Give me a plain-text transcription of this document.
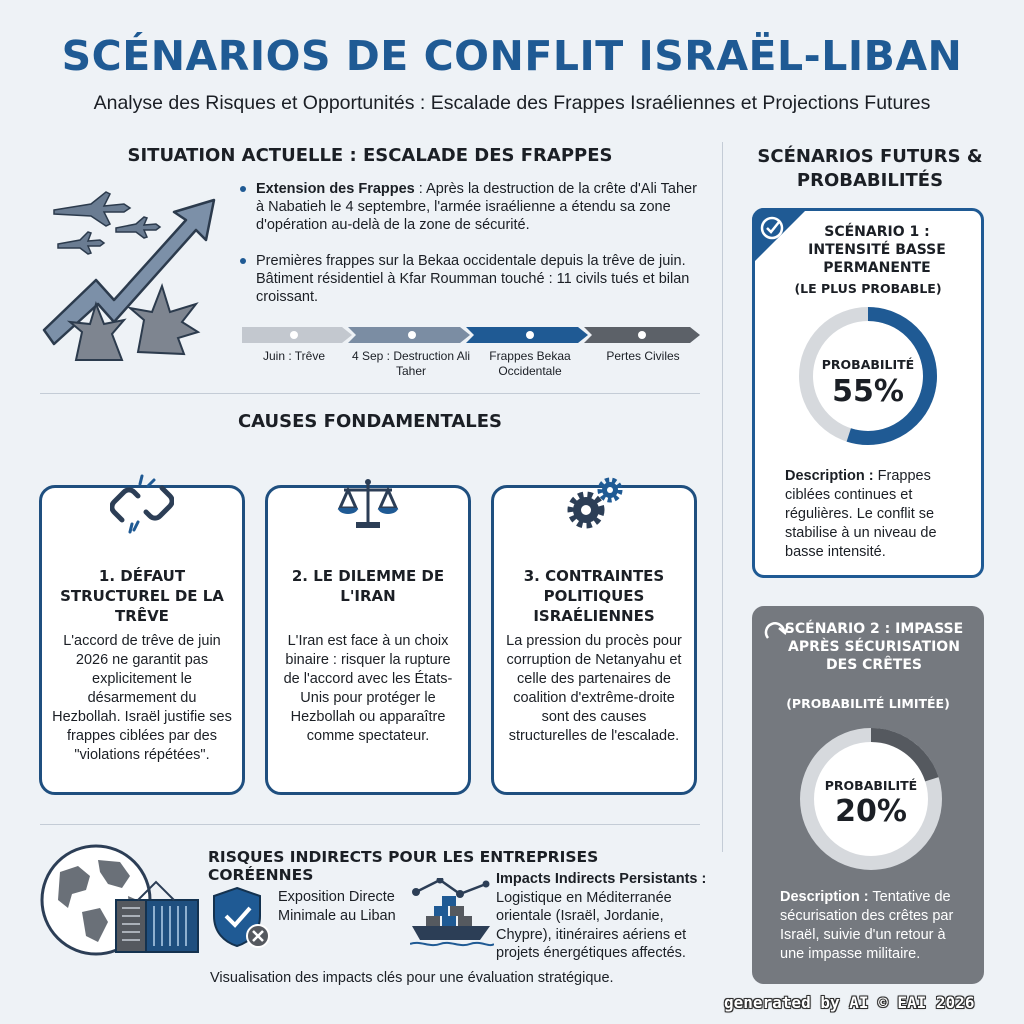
SCÉNARIOS DE CONFLIT ISRAËL-LIBAN
Analyse des Risques et Opportunités : Escalade des Frappes Israéliennes et Projections Futures
SITUATION ACTUELLE : ESCALADE DES FRAPPES
Extension des Frappes : Après la destruction de la crête d'Ali Taher à Nabatieh le 4 septembre, l'armée israélienne a étendu sa zone d'opération au-delà de la zone de sécurité.
Premières frappes sur la Bekaa occidentale depuis la trêve de juin. Bâtiment résidentiel à Kfar Roumman touché : 11 civils tués et bilan croissant.
Juin : Trêve	4 Sep : Destruction Ali Taher
Frappes Bekaa Occidentale
Pertes Civiles
CAUSES FONDAMENTALES
1. DÉFAUT STRUCTUREL DE LA TRÊVE
L'accord de trêve de juin 2026 ne garantit pas explicitement le désarmement du Hezbollah. Israël justifie ses frappes ciblées par des "violations répétées".
2. LE DILEMME DE L'IRAN
L'Iran est face à un choix binaire : risquer la rupture de l'accord avec les États-Unis pour protéger le Hezbollah ou apparaître comme spectateur.
3. CONTRAINTES POLITIQUES ISRAÉLIENNES
La pression du procès pour corruption de Netanyahu et celle des partenaires de coalition d'extrême-droite sont des causes structurelles de l'escalade.
SCÉNARIOS FUTURS & PROBABILITÉS
SCÉNARIO 1 : INTENSITÉ BASSE PERMANENTE
(LE PLUS PROBABLE)
PROBABILITÉ
55%
Description : Frappes ciblées continues et régulières. Le conflit se stabilise à un niveau de basse intensité.
SCÉNARIO 2 : IMPASSE APRÈS SÉCURISATION DES CRÊTES
(PROBABILITÉ LIMITÉE)
PROBABILITÉ
20%
Description : Tentative de sécurisation des crêtes par Israël, suivie d'un retour à une impasse militaire.
RISQUES INDIRECTS POUR LES ENTREPRISES CORÉENNES
Exposition Directe Minimale au Liban
Impacts Indirects Persistants :
Logistique en Méditerranée orientale (Israël, Jordanie, Chypre), itinéraires aériens et projets énergétiques affectés.
Visualisation des impacts clés pour une évaluation stratégique.
generated by AI © EAI 2026
